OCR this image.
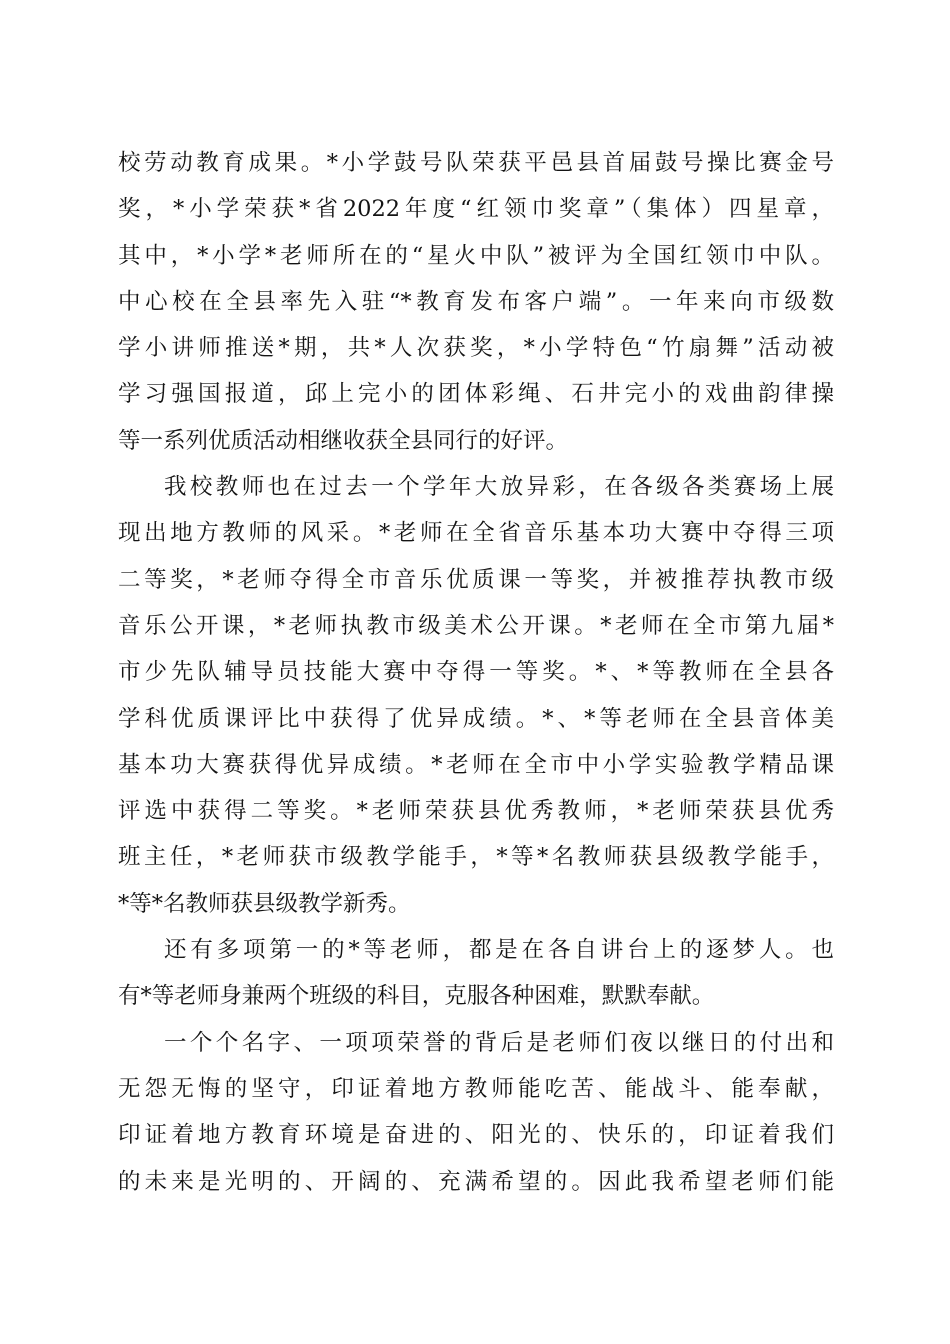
校劳动教育成果。*小学鼓号队荣获平邑县首届鼓号操比赛金号
奖，*小学荣获*省2022年度“红领巾奖章”（集体）四星章，
其中，*小学*老师所在的“星火中队”被评为全国红领巾中队。
中心校在全县率先入驻“*教育发布客户端”。一年来向市级数
学小讲师推送*期，共*人次获奖，*小学特色“竹扇舞”活动被
学习强国报道，邱上完小的团体彩绳、石井完小的戏曲韵律操
等一系列优质活动相继收获全县同行的好评。
我校教师也在过去一个学年大放异彩，在各级各类赛场上展
现出地方教师的风采。*老师在全省音乐基本功大赛中夺得三项
二等奖，*老师夺得全市音乐优质课一等奖，并被推荐执教市级
音乐公开课，*老师执教市级美术公开课。*老师在全市第九届*
市少先队辅导员技能大赛中夺得一等奖。*、*等教师在全县各
学科优质课评比中获得了优异成绩。*、*等老师在全县音体美
基本功大赛获得优异成绩。*老师在全市中小学实验教学精品课
评选中获得二等奖。*老师荣获县优秀教师，*老师荣获县优秀
班主任，*老师获市级教学能手，*等*名教师获县级教学能手，
*等*名教师获县级教学新秀。
还有多项第一的*等老师，都是在各自讲台上的逐梦人。也
有*等老师身兼两个班级的科目，克服各种困难，默默奉献。
一个个名字、一项项荣誉的背后是老师们夜以继日的付出和
无怨无悔的坚守，印证着地方教师能吃苦、能战斗、能奉献，
印证着地方教育环境是奋进的、阳光的、快乐的，印证着我们
的未来是光明的、开阔的、充满希望的。因此我希望老师们能
